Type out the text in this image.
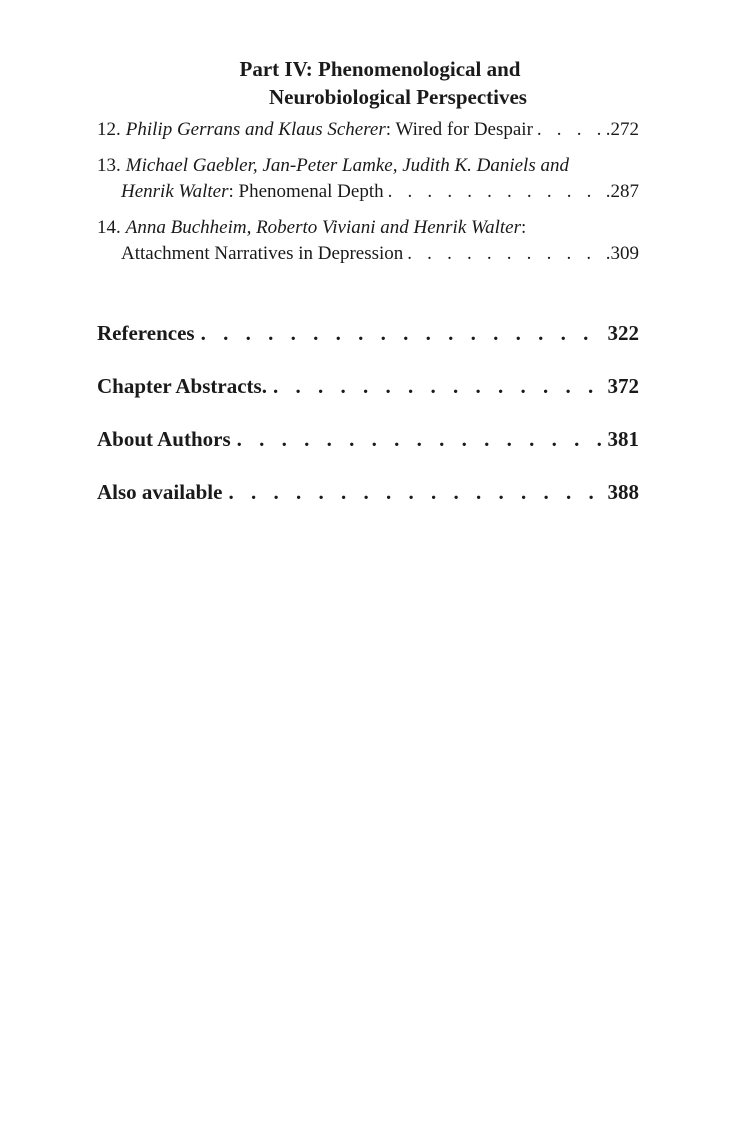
Part IV: Phenomenological and
Neurobiological Perspectives
12. Philip Gerrans and Klaus Scherer : Wired for Despair . . .	.272
13. Michael Gaebler, Jan-Peter Lamke, Judith K. Daniels and
Henrik Walter : Phenomenal Depth . . .	.287
14. Anna Buchheim, Roberto Viviani and Henrik Walter :
Attachment Narratives in Depression . . .	.309
References . . .	322
Chapter Abstracts. . . .	372
About Authors . . .	381
Also available . . .	388
